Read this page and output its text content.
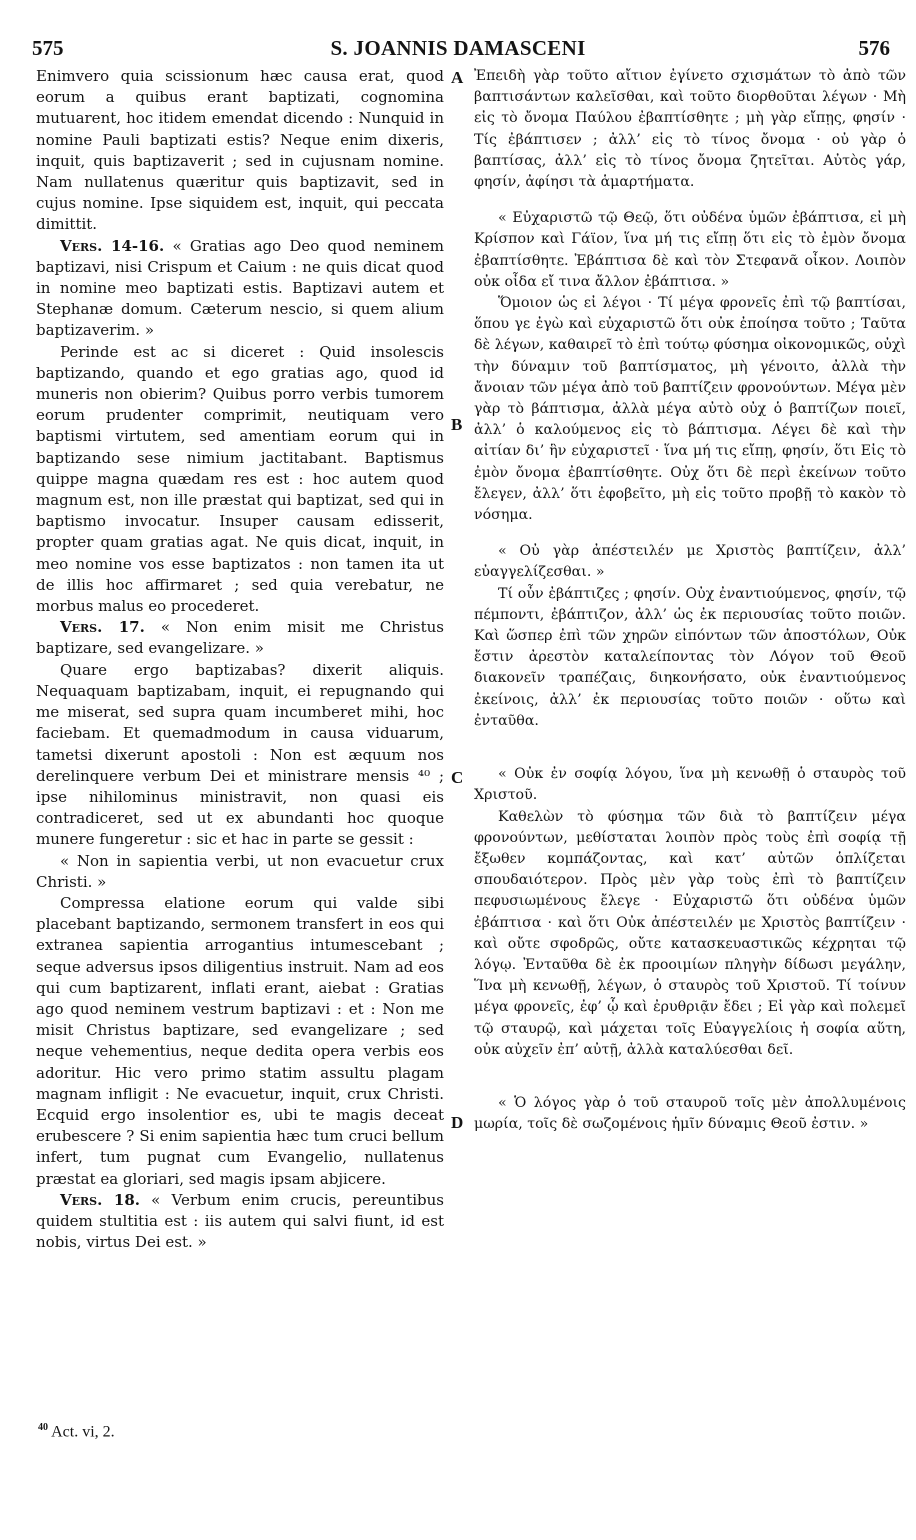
575	S. JOANNIS DAMASCENI	576

Enimvero quia scissionum hæc causa erat, quod eorum a quibus erant baptizati, cognomina mutuarent, hoc itidem emendat dicendo : Nunquid in nomine Pauli baptizati estis? Neque enim dixeris, inquit, quis baptizaverit ; sed in cujusnam nomine. Nam nullatenus quæritur quis baptizavit, sed in cujus nomine. Ipse siquidem est, inquit, qui peccata dimittit.

Vers. 14-16. « Gratias ago Deo quod neminem baptizavi, nisi Crispum et Caium : ne quis dicat quod in nomine meo baptizati estis. Baptizavi autem et Stephanæ domum. Cæterum nescio, si quem alium baptizaverim. »

Perinde est ac si diceret : Quid insolescis baptizando, quando et ego gratias ago, quod id muneris non obierim? Quibus porro verbis tumorem eorum prudenter comprimit, neutiquam vero baptismi virtutem, sed amentiam eorum qui in baptizando sese nimium jactitabant. Baptismus quippe magna quædam res est : hoc autem quod magnum est, non ille præstat qui baptizat, sed qui in baptismo invocatur. Insuper causam edisserit, propter quam gratias agat. Ne quis dicat, inquit, in meo nomine vos esse baptizatos : non tamen ita ut de illis hoc affirmaret ; sed quia verebatur, ne morbus malus eo procederet.

Vers. 17. « Non enim misit me Christus baptizare, sed evangelizare. »

Quare ergo baptizabas? dixerit aliquis. Nequaquam baptizabam, inquit, ei repugnando qui me miserat, sed supra quam incumberet mihi, hoc faciebam. Et quemadmodum in causa viduarum, tametsi dixerunt apostoli : Non est æquum nos derelinquere verbum Dei et ministrare mensis ⁴⁰ ; ipse nihilominus ministravit, non quasi eis contradiceret, sed ut ex abundanti hoc quoque munere fungeretur : sic et hac in parte se gessit :

« Non in sapientia verbi, ut non evacuetur crux Christi. »

Compressa elatione eorum qui valde sibi placebant baptizando, sermonem transfert in eos qui extranea sapientia arrogantius intumescebant ; seque adversus ipsos diligentius instruit. Nam ad eos qui cum baptizarent, inflati erant, aiebat : Gratias ago quod neminem vestrum baptizavi : et : Non me misit Christus baptizare, sed evangelizare ; sed neque vehementius, neque dedita opera verbis eos adoritur. Hic vero primo statim assultu plagam magnam infligit : Ne evacuetur, inquit, crux Christi. Ecquid ergo insolentior es, ubi te magis deceat erubescere ? Si enim sapientia hæc tum cruci bellum infert, tum pugnat cum Evangelio, nullatenus præstat ea gloriari, sed magis ipsam abjicere.

Vers. 18. « Verbum enim crucis, pereuntibus quidem stultitia est : iis autem qui salvi fiunt, id est nobis, virtus Dei est. »

Ἐπειδὴ γὰρ τοῦτο αἴτιον ἐγίνετο σχισμάτων τὸ ἀπὸ τῶν βαπτισάντων καλεῖσθαι, καὶ τοῦτο διορθοῦται λέγων · Μὴ εἰς τὸ ὄνομα Παύλου ἐβαπτίσθητε ; μὴ γὰρ εἴπῃς, φησίν · Τίς ἐβάπτισεν ; ἀλλ’ εἰς τὸ τίνος ὄνομα · οὐ γὰρ ὁ βαπτίσας, ἀλλ’ εἰς τὸ τίνος ὄνομα ζητεῖται. Αὐτὸς γάρ, φησίν, ἀφίησι τὰ ἁμαρτήματα.

« Εὐχαριστῶ τῷ Θεῷ, ὅτι οὐδένα ὑμῶν ἐβάπτισα, εἰ μὴ Κρίσπον καὶ Γάϊον, ἵνα μή τις εἴπῃ ὅτι εἰς τὸ ἐμὸν ὄνομα ἐβαπτίσθητε. Ἐβάπτισα δὲ καὶ τὸν Στεφανᾶ οἶκον. Λοιπὸν οὐκ οἶδα εἴ τινα ἄλλον ἐβάπτισα. »

Ὅμοιον ὡς εἰ λέγοι · Τί μέγα φρονεῖς ἐπὶ τῷ βαπτίσαι, ὅπου γε ἐγὼ καὶ εὐχαριστῶ ὅτι οὐκ ἐποίησα τοῦτο ; Ταῦτα δὲ λέγων, καθαιρεῖ τὸ ἐπὶ τούτῳ φύσημα οἰκονομικῶς, οὐχὶ τὴν δύναμιν τοῦ βαπτίσματος, μὴ γένοιτο, ἀλλὰ τὴν ἄνοιαν τῶν μέγα ἀπὸ τοῦ βαπτίζειν φρονούντων. Μέγα μὲν γὰρ τὸ βάπτισμα, ἀλλὰ μέγα αὐτὸ οὐχ ὁ βαπτίζων ποιεῖ, ἀλλ’ ὁ καλούμενος εἰς τὸ βάπτισμα. Λέγει δὲ καὶ τὴν αἰτίαν δι’ ἣν εὐχαριστεῖ · ἵνα μή τις εἴπῃ, φησίν, ὅτι Εἰς τὸ ἐμὸν ὄνομα ἐβαπτίσθητε. Οὐχ ὅτι δὲ περὶ ἐκείνων τοῦτο ἔλεγεν, ἀλλ’ ὅτι ἐφοβεῖτο, μὴ εἰς τοῦτο προβῇ τὸ κακὸν τὸ νόσημα.

« Οὐ γὰρ ἀπέστειλέν με Χριστὸς βαπτίζειν, ἀλλ’ εὐαγγελίζεσθαι. »

Τί οὖν ἐβάπτιζες ; φησίν. Οὐχ ἐναντιούμενος, φησίν, τῷ πέμποντι, ἐβάπτιζον, ἀλλ’ ὡς ἐκ περιουσίας τοῦτο ποιῶν. Καὶ ὥσπερ ἐπὶ τῶν χηρῶν εἰπόντων τῶν ἀποστόλων, Οὐκ ἔστιν ἀρεστὸν καταλείποντας τὸν Λόγον τοῦ Θεοῦ διακονεῖν τραπέζαις, διηκονήσατο, οὐκ ἐναντιούμενος ἐκείνοις, ἀλλ’ ἐκ περιουσίας τοῦτο ποιῶν · οὕτω καὶ ἐνταῦθα.

« Οὐκ ἐν σοφίᾳ λόγου, ἵνα μὴ κενωθῇ ὁ σταυρὸς τοῦ Χριστοῦ.

Καθελὼν τὸ φύσημα τῶν διὰ τὸ βαπτίζειν μέγα φρονούντων, μεθίσταται λοιπὸν πρὸς τοὺς ἐπὶ σοφίᾳ τῇ ἔξωθεν κομπάζοντας, καὶ κατ’ αὐτῶν ὁπλίζεται σπουδαιότερον. Πρὸς μὲν γὰρ τοὺς ἐπὶ τὸ βαπτίζειν πεφυσιωμένους ἔλεγε · Εὐχαριστῶ ὅτι οὐδένα ὑμῶν ἐβάπτισα · καὶ ὅτι Οὐκ ἀπέστειλέν με Χριστὸς βαπτίζειν · καὶ οὔτε σφοδρῶς, οὔτε κατασκευαστικῶς κέχρηται τῷ λόγῳ. Ἐνταῦθα δὲ ἐκ προοιμίων πληγὴν δίδωσι μεγάλην, Ἵνα μὴ κενωθῇ, λέγων, ὁ σταυρὸς τοῦ Χριστοῦ. Τί τοίνυν μέγα φρονεῖς, ἐφ’ ᾧ καὶ ἐρυθριᾷν ἔδει ; Εἰ γὰρ καὶ πολεμεῖ τῷ σταυρῷ, καὶ μάχεται τοῖς Εὐαγγελίοις ἡ σοφία αὕτη, οὐκ αὐχεῖν ἐπ’ αὐτῇ, ἀλλὰ καταλύεσθαι δεῖ.

« Ὁ λόγος γὰρ ὁ τοῦ σταυροῦ τοῖς μὲν ἀπολλυμένοις μωρία, τοῖς δὲ σωζομένοις ἡμῖν δύναμις Θεοῦ ἐστιν. »

A
B
C
D
$^{40}$ Act. vi, 2.
